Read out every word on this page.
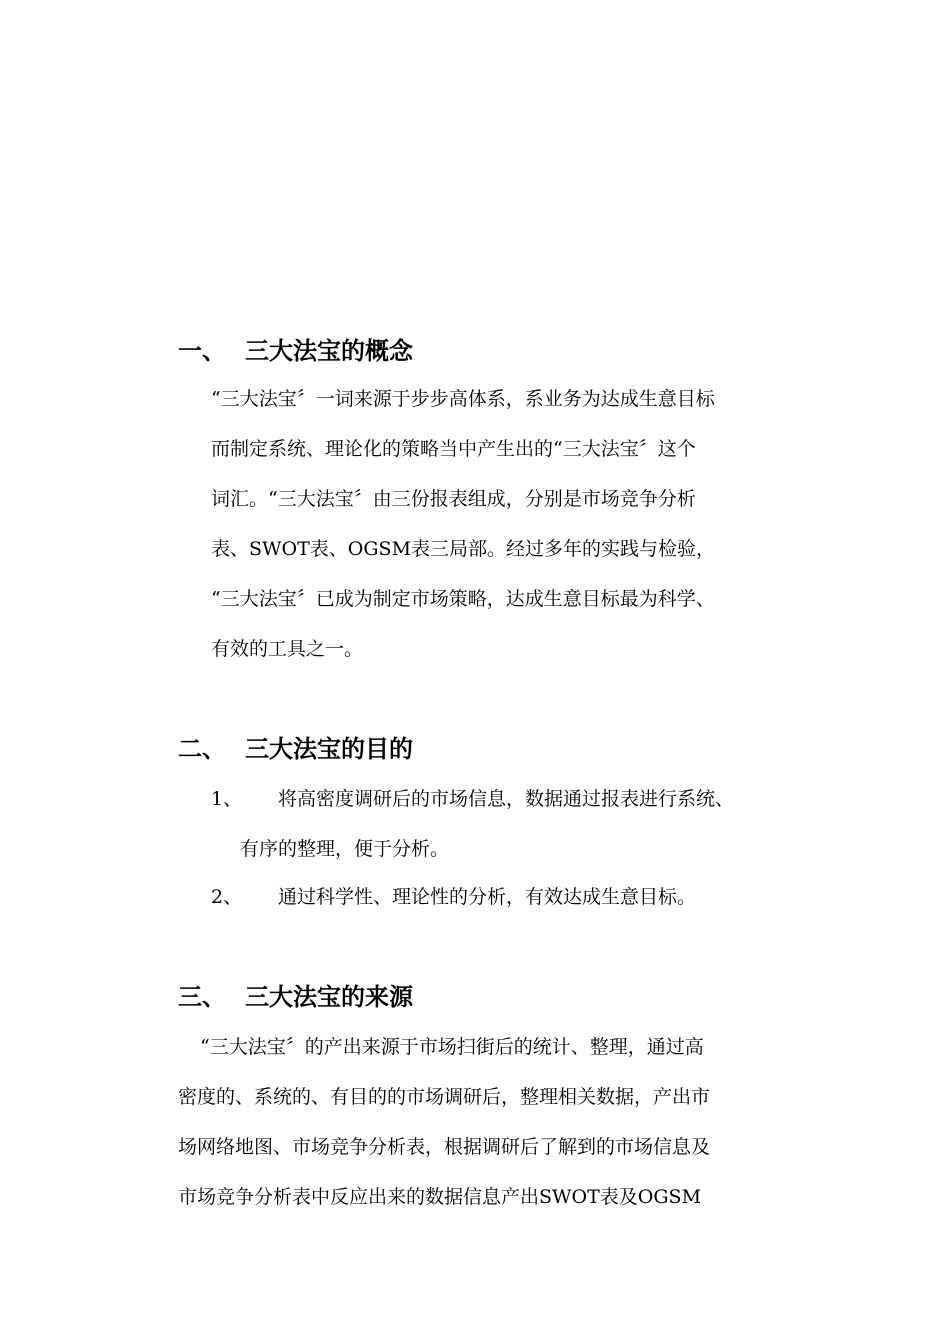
一、 三大法宝的概念
“三大法宝〞一词来源于步步高体系，系业务为达成生意目标
而制定系统、理论化的策略当中产生出的“三大法宝〞这个
词汇。“三大法宝〞由三份报表组成，分别是市场竞争分析
表、SWOT表、OGSM表三局部。经过多年的实践与检验，
“三大法宝〞已成为制定市场策略，达成生意目标最为科学、
有效的工具之一。
二、 三大法宝的目的
1、 将高密度调研后的市场信息，数据通过报表进行系统、
有序的整理，便于分析。
2、 通过科学性、理论性的分析，有效达成生意目标。
三、 三大法宝的来源
“三大法宝〞的产出来源于市场扫街后的统计、整理，通过高
密度的、系统的、有目的的市场调研后，整理相关数据，产出市
场网络地图、市场竞争分析表，根据调研后了解到的市场信息及
市场竞争分析表中反应出来的数据信息产出SWOT表及OGSM
